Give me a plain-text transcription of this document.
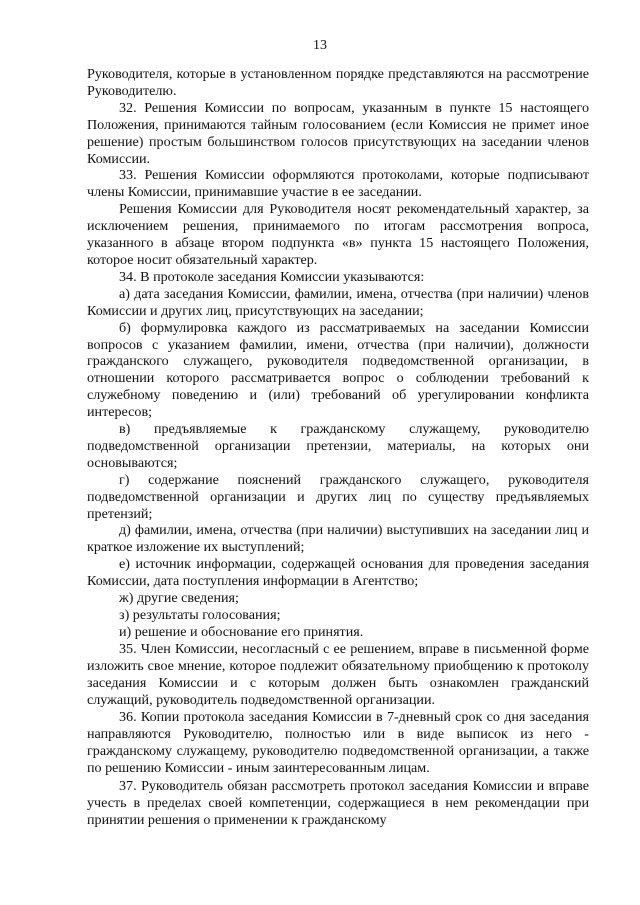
13

Руководителя, которые в установленном порядке представляются на рассмотрение Руководителю.

32. Решения Комиссии по вопросам, указанным в пункте 15 настоящего Положения, принимаются тайным голосованием (если Комиссия не примет иное решение) простым большинством голосов присутствующих на заседании членов Комиссии.

33. Решения Комиссии оформляются протоколами, которые подписывают члены Комиссии, принимавшие участие в ее заседании.

Решения Комиссии для Руководителя носят рекомендательный характер, за исключением решения, принимаемого по итогам рассмотрения вопроса, указанного в абзаце втором подпункта «в» пункта 15 настоящего Положения, которое носит обязательный характер.

34. В протоколе заседания Комиссии указываются:

а) дата заседания Комиссии, фамилии, имена, отчества (при наличии) членов Комиссии и других лиц, присутствующих на заседании;

б) формулировка каждого из рассматриваемых на заседании Комиссии вопросов с указанием фамилии, имени, отчества (при наличии), должности гражданского служащего, руководителя подведомственной организации, в отношении которого рассматривается вопрос о соблюдении требований к служебному поведению и (или) требований об урегулировании конфликта интересов;

в) предъявляемые к гражданскому служащему, руководителю подведомственной организации претензии, материалы, на которых они основываются;

г) содержание пояснений гражданского служащего, руководителя подведомственной организации и других лиц по существу предъявляемых претензий;

д) фамилии, имена, отчества (при наличии) выступивших на заседании лиц и краткое изложение их выступлений;

е) источник информации, содержащей основания для проведения заседания Комиссии, дата поступления информации в Агентство;

ж) другие сведения;

з) результаты голосования;

и) решение и обоснование его принятия.

35. Член Комиссии, несогласный с ее решением, вправе в письменной форме изложить свое мнение, которое подлежит обязательному приобщению к протоколу заседания Комиссии и с которым должен быть ознакомлен гражданский служащий, руководитель подведомственной организации.

36. Копии протокола заседания Комиссии в 7-дневный срок со дня заседания направляются Руководителю, полностью или в виде выписок из него - гражданскому служащему, руководителю подведомственной организации, а также по решению Комиссии - иным заинтересованным лицам.

37. Руководитель обязан рассмотреть протокол заседания Комиссии и вправе учесть в пределах своей компетенции, содержащиеся в нем рекомендации при принятии решения о применении к гражданскому
